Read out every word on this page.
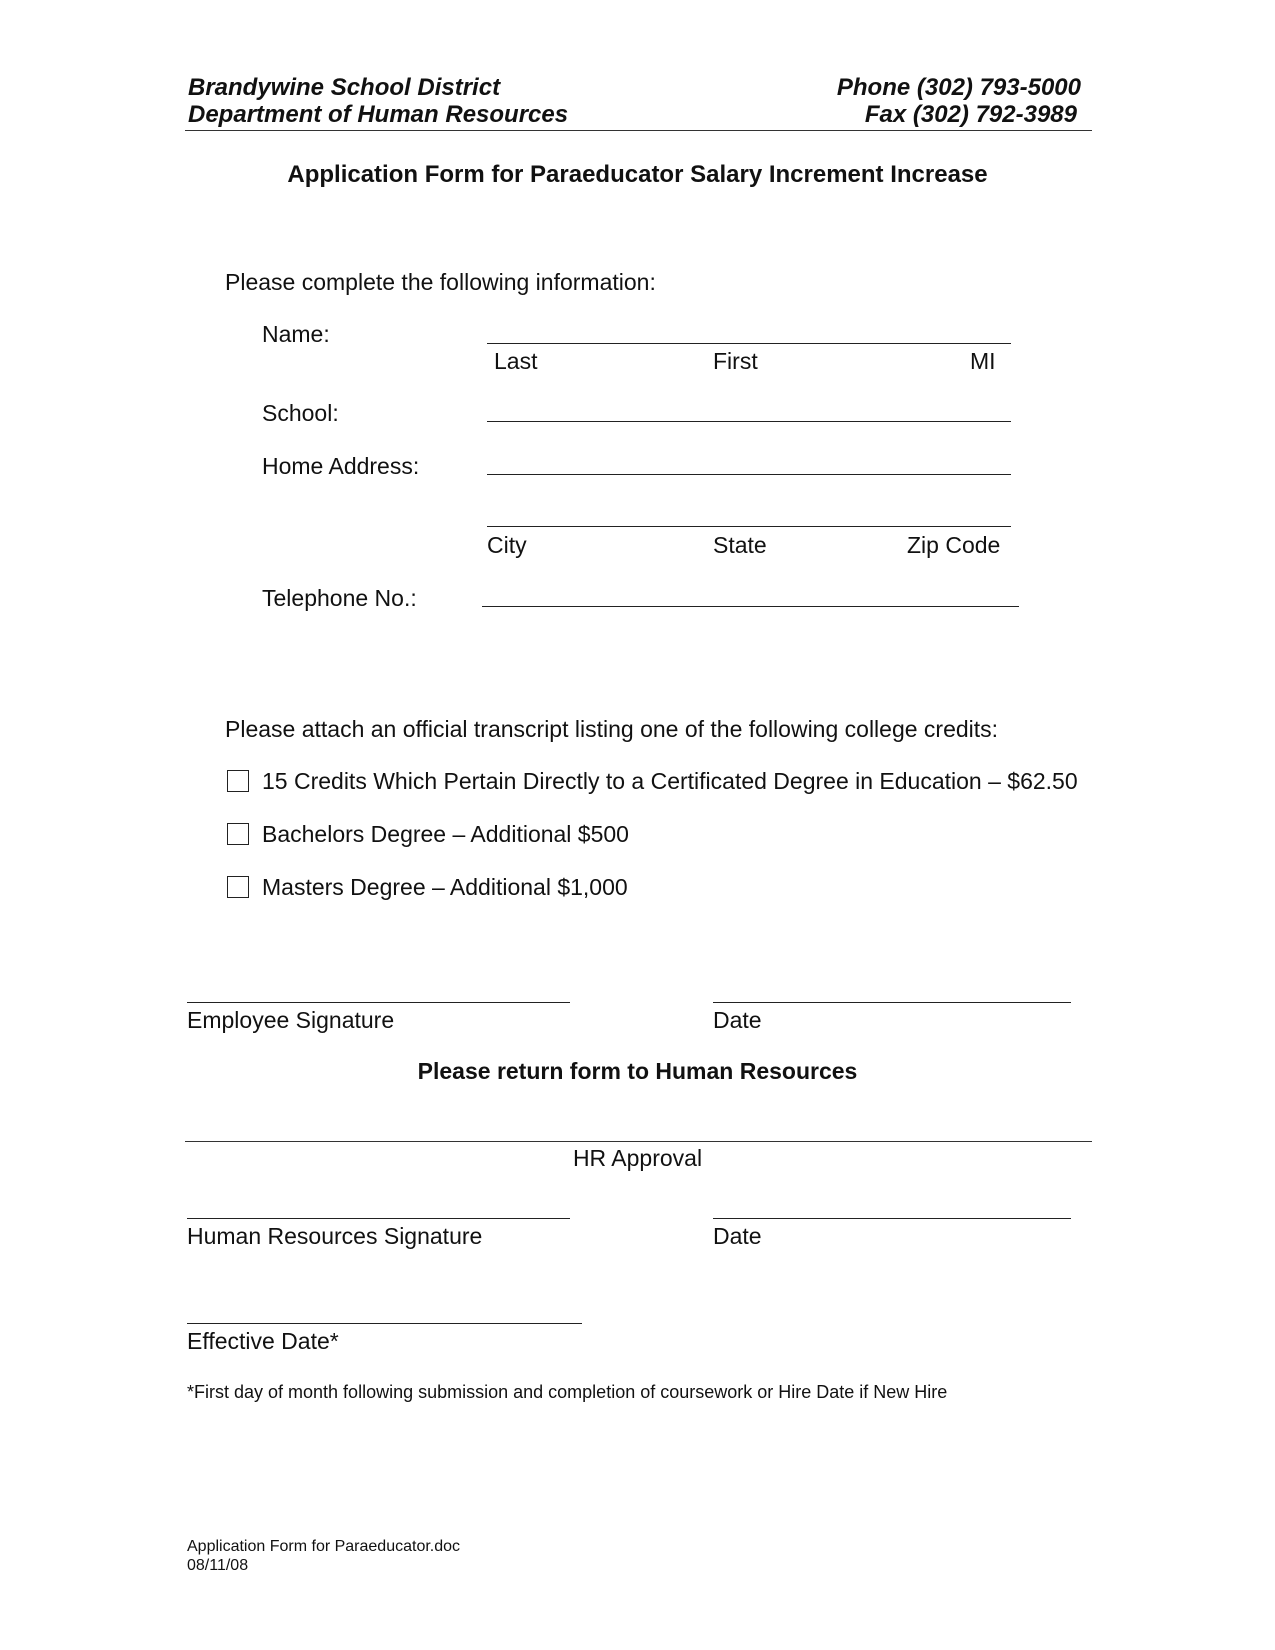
Brandywine School District
Department of Human Resources
Phone (302) 793-5000
Fax (302) 792-3989
Application Form for Paraeducator Salary Increment Increase
Please complete the following information:
Name:
Last	First	MI
School:
Home Address:
City	State	Zip Code
Telephone No.:
Please attach an official transcript listing one of the following college credits:
15 Credits Which Pertain Directly to a Certificated Degree in Education – $62.50
Bachelors Degree – Additional $500
Masters Degree – Additional $1,000
Employee Signature	Date
Please return form to Human Resources
HR Approval
Human Resources Signature	Date
Effective Date*
*First day of month following submission and completion of coursework or Hire Date if New Hire
Application Form for Paraeducator.doc
08/11/08
